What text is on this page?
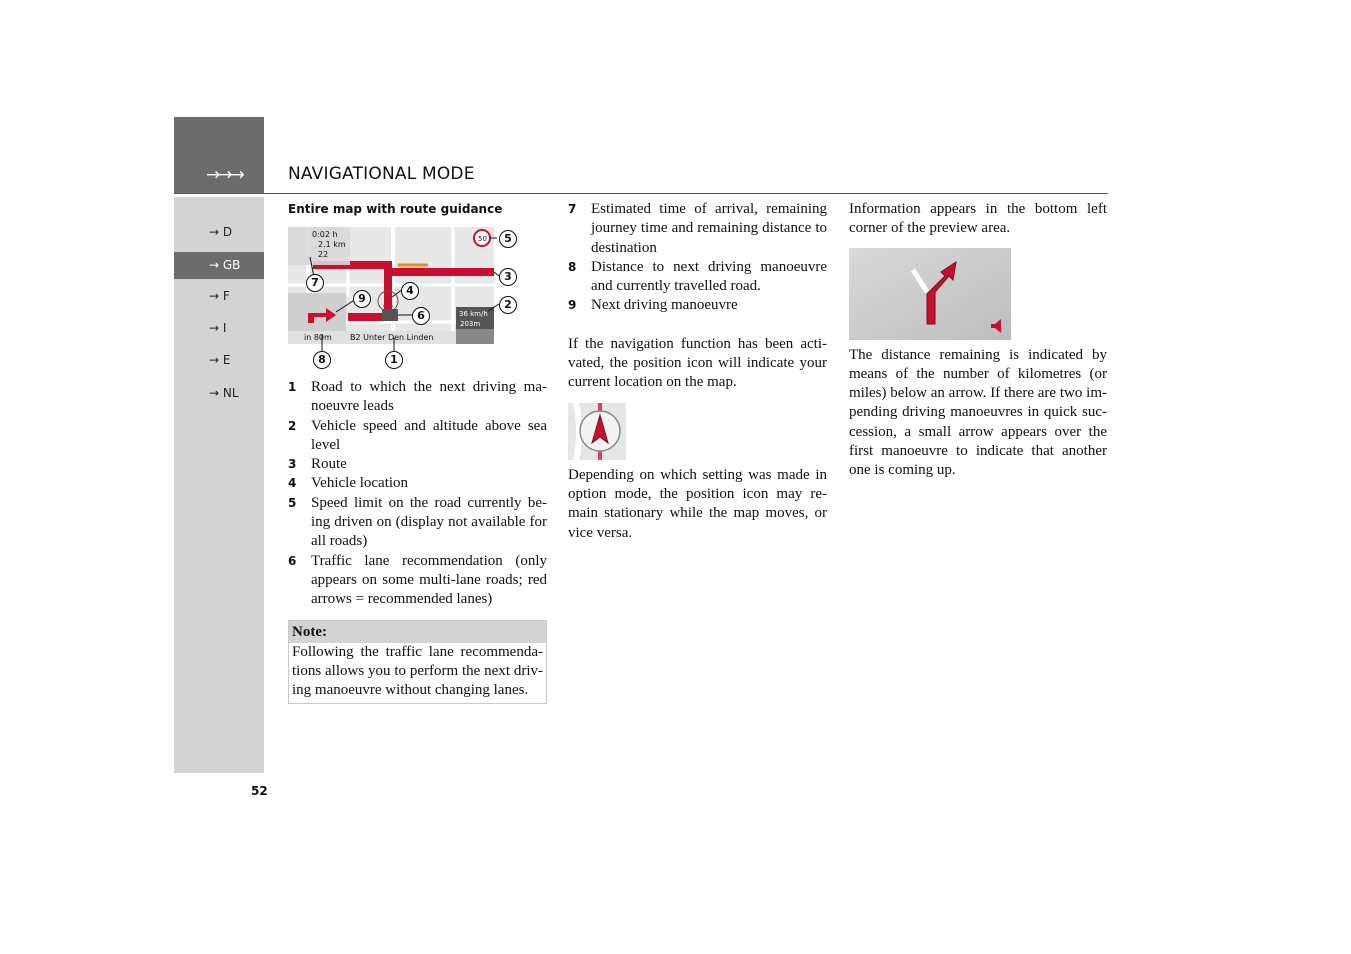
→→→
→ D
→ GB
→ F
→ I
→ E
→ NL
NAVIGATIONAL MODE
52

Entire map with route guidance

0:02 h
2.1 km
22
50
36 km/h
203m
in 80m B2 Unter Den Linden
7
9
4
6
5
3
2
8	1
1 Road to which the next driving ma-noeuvre leads
2 Vehicle speed and altitude above sea level
3 Route
4 Vehicle location
5 Speed limit on the road currently be-ing driven on (display not available for all roads)
6 Traffic lane recommendation (only appears on some multi-lane roads; red arrows = recommended lanes)
Note:
Following the traffic lane recommenda-tions allows you to perform the next driv-ing manoeuvre without changing lanes.
7 Estimated time of arrival, remaining journey time and remaining distance to destination
8 Distance to next driving manoeuvre and currently travelled road.
9 Next driving manoeuvre

If the navigation function has been acti-vated, the position icon will indicate your current location on the map.

Depending on which setting was made in option mode, the position icon may re-main stationary while the map moves, or vice versa.

Information appears in the bottom left corner of the preview area.

The distance remaining is indicated by means of the number of kilometres (or miles) below an arrow. If there are two im-pending driving manoeuvres in quick suc-cession, a small arrow appears over the first manoeuvre to indicate that another one is coming up.
